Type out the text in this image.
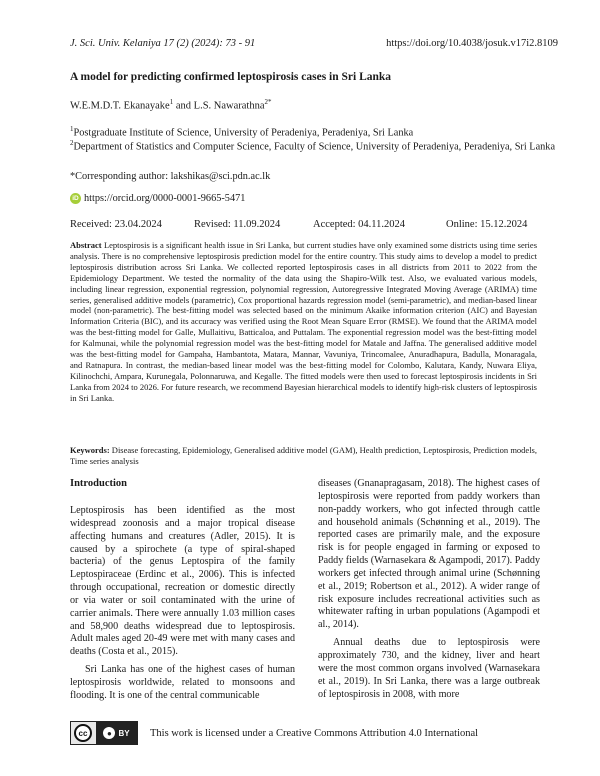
J. Sci. Univ. Kelaniya 17 (2) (2024): 73 - 91	https://doi.org/10.4038/josuk.v17i2.8109
A model for predicting confirmed leptospirosis cases in Sri Lanka
W.E.M.D.T. Ekanayake$^1$ and L.S. Nawarathna$^{2*}$
$^1$Postgraduate Institute of Science, University of Peradeniya, Peradeniya, Sri Lanka
$^2$Department of Statistics and Computer Science, Faculty of Science, University of Peradeniya, Peradeniya, Sri Lanka
*Corresponding author: lakshikas@sci.pdn.ac.lk
iD https://orcid.org/0000-0001-9665-5471
Received: 23.04.2024	Revised: 11.09.2024	Accepted: 04.11.2024	Online: 15.12.2024
Abstract Leptospirosis is a significant health issue in Sri Lanka, but current studies have only examined some districts using time series analysis. There is no comprehensive leptospirosis prediction model for the entire country. This study aims to develop a model to predict leptospirosis distribution across Sri Lanka. We collected reported leptospirosis cases in all districts from 2011 to 2022 from the Epidemiology Department. We tested the normality of the data using the Shapiro-Wilk test. Also, we evaluated various models, including linear regression, exponential regression, polynomial regression, Autoregressive Integrated Moving Average (ARIMA) time series, generalised additive models (parametric), Cox proportional hazards regression model (semi-parametric), and median-based linear model (non-parametric). The best-fitting model was selected based on the minimum Akaike information criterion (AIC) and Bayesian Information Criteria (BIC), and its accuracy was verified using the Root Mean Square Error (RMSE). We found that the ARIMA model was the best-fitting model for Galle, Mullaitivu, Batticaloa, and Puttalam. The exponential regression model was the best-fitting model for Kalmunai, while the polynomial regression model was the best-fitting model for Matale and Jaffna. The generalised additive model was the best-fitting model for Gampaha, Hambantota, Matara, Mannar, Vavuniya, Trincomalee, Anuradhapura, Badulla, Monaragala, and Ratnapura. In contrast, the median-based linear model was the best-fitting model for Colombo, Kalutara, Kandy, Nuwara Eliya, Kilinochchi, Ampara, Kurunegala, Polonnaruwa, and Kegalle. The fitted models were then used to forecast leptospirosis incidents in Sri Lanka from 2024 to 2026. For future research, we recommend Bayesian hierarchical models to identify high-risk clusters of leptospirosis in Sri Lanka.
Keywords: Disease forecasting, Epidemiology, Generalised additive model (GAM), Health prediction, Leptospirosis, Prediction models, Time series analysis
Introduction

Leptospirosis has been identified as the most widespread zoonosis and a major tropical disease affecting humans and creatures (Adler, 2015). It is caused by a spirochete (a type of spiral-shaped bacteria) of the genus Leptospira of the family Leptospiraceae (Erdinc et al., 2006). This is infected through occupational, recreation or domestic directly or via water or soil contaminated with the urine of carrier animals. There were annually 1.03 million cases and 58,900 deaths widespread due to leptospirosis. Adult males aged 20-49 were met with many cases and deaths (Costa et al., 2015).

Sri Lanka has one of the highest cases of human leptospirosis worldwide, related to monsoons and flooding. It is one of the central communicable

diseases (Gnanapragasam, 2018). The highest cases of leptospirosis were reported from paddy workers than non-paddy workers, who got infected through cattle and household animals (Schønning et al., 2019). The reported cases are primarily male, and the exposure risk is for people engaged in farming or exposed to Paddy fields (Warnasekara & Agampodi, 2017). Paddy workers get infected through animal urine (Schønning et al., 2019; Robertson et al., 2012). A wider range of risk exposure includes recreational activities such as whitewater rafting in urban populations (Agampodi et al., 2014).

Annual deaths due to leptospirosis were approximately 730, and the kidney, liver and heart were the most common organs involved (Warnasekara et al., 2019). In Sri Lanka, there was a large outbreak of leptospirosis in 2008, with more

cc	● BY This work is licensed under a Creative Commons Attribution 4.0 International
